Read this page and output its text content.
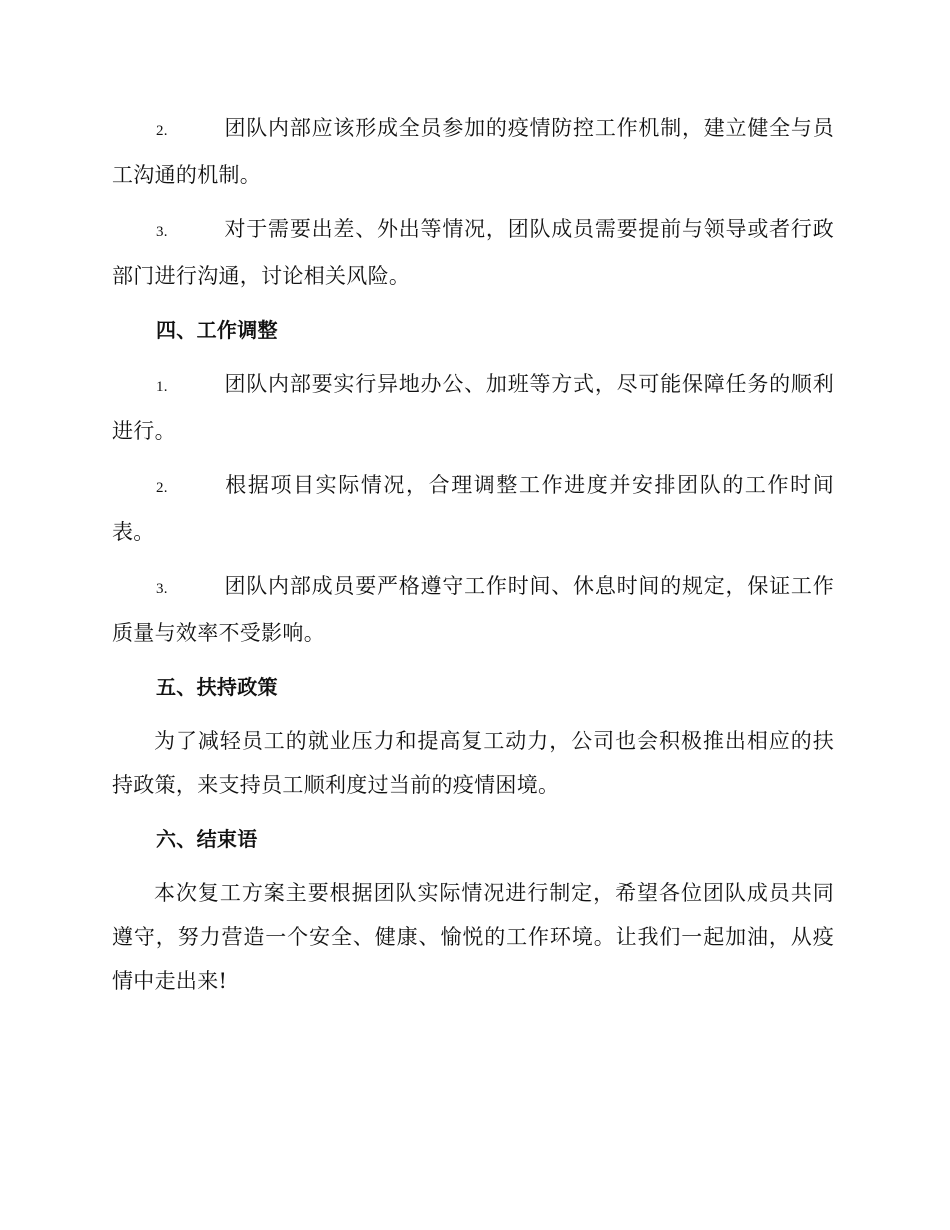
2.	团队内部应该形成全员参加的疫情防控工作机制，建立健全与员工沟通的机制。

3.	对于需要出差、外出等情况，团队成员需要提前与领导或者行政部门进行沟通，讨论相关风险。

四、工作调整

1.	团队内部要实行异地办公、加班等方式，尽可能保障任务的顺利进行。

2.	根据项目实际情况，合理调整工作进度并安排团队的工作时间表。

3.	团队内部成员要严格遵守工作时间、休息时间的规定，保证工作质量与效率不受影响。

五、扶持政策

为了减轻员工的就业压力和提高复工动力，公司也会积极推出相应的扶持政策，来支持员工顺利度过当前的疫情困境。

六、结束语

本次复工方案主要根据团队实际情况进行制定，希望各位团队成员共同遵守，努力营造一个安全、健康、愉悦的工作环境。让我们一起加油，从疫情中走出来!
